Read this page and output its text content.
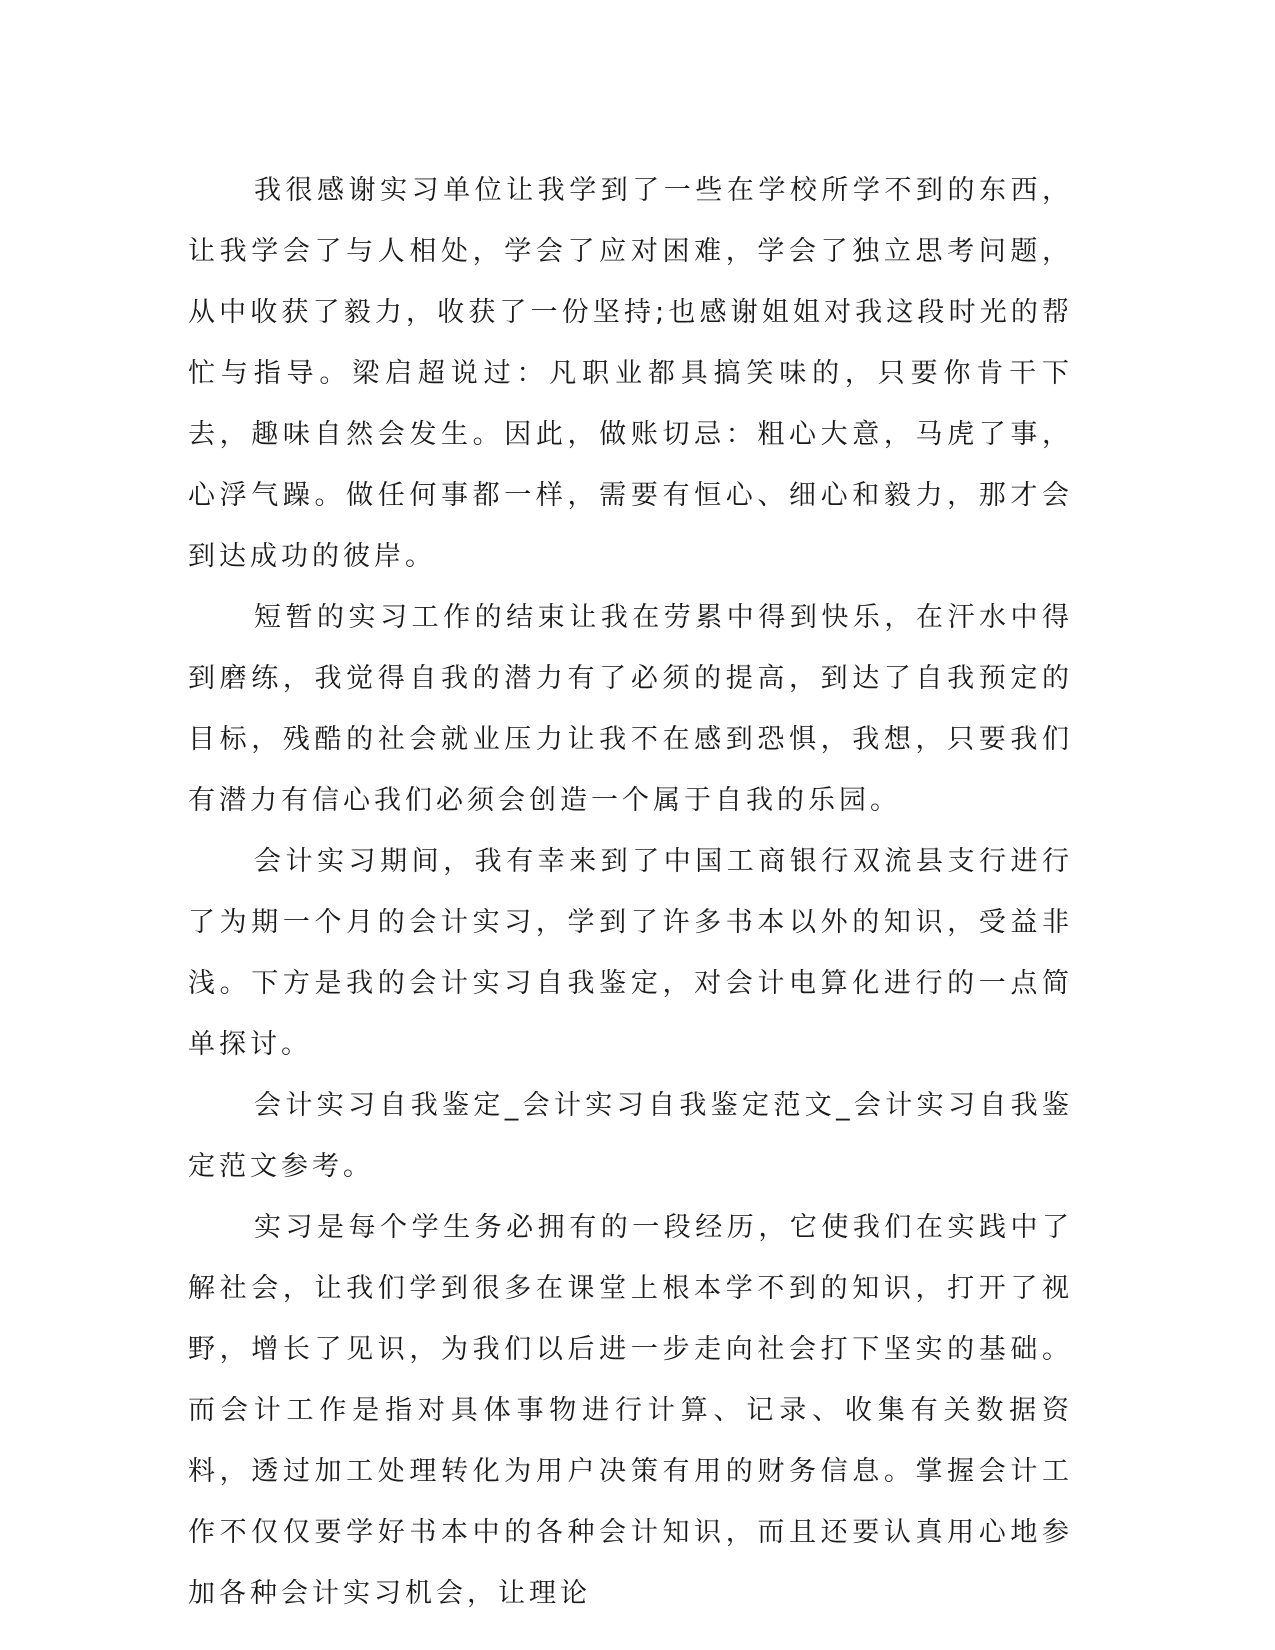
我很感谢实习单位让我学到了一些在学校所学不到的东西，让我学会了与人相处，学会了应对困难，学会了独立思考问题，从中收获了毅力，收获了一份坚持;也感谢姐姐对我这段时光的帮忙与指导。梁启超说过：凡职业都具搞笑味的，只要你肯干下去，趣味自然会发生。因此，做账切忌：粗心大意，马虎了事，心浮气躁。做任何事都一样，需要有恒心、细心和毅力，那才会到达成功的彼岸。

短暂的实习工作的结束让我在劳累中得到快乐，在汗水中得到磨练，我觉得自我的潜力有了必须的提高，到达了自我预定的目标，残酷的社会就业压力让我不在感到恐惧，我想，只要我们有潜力有信心我们必须会创造一个属于自我的乐园。

会计实习期间，我有幸来到了中国工商银行双流县支行进行了为期一个月的会计实习，学到了许多书本以外的知识，受益非浅。下方是我的会计实习自我鉴定，对会计电算化进行的一点简单探讨。

会计实习自我鉴定_会计实习自我鉴定范文_会计实习自我鉴定范文参考。

实习是每个学生务必拥有的一段经历，它使我们在实践中了解社会，让我们学到很多在课堂上根本学不到的知识，打开了视野，增长了见识，为我们以后进一步走向社会打下坚实的基础。而会计工作是指对具体事物进行计算、记录、收集有关数据资料，透过加工处理转化为用户决策有用的财务信息。掌握会计工作不仅仅要学好书本中的各种会计知识，而且还要认真用心地参加各种会计实习机会，让理论
